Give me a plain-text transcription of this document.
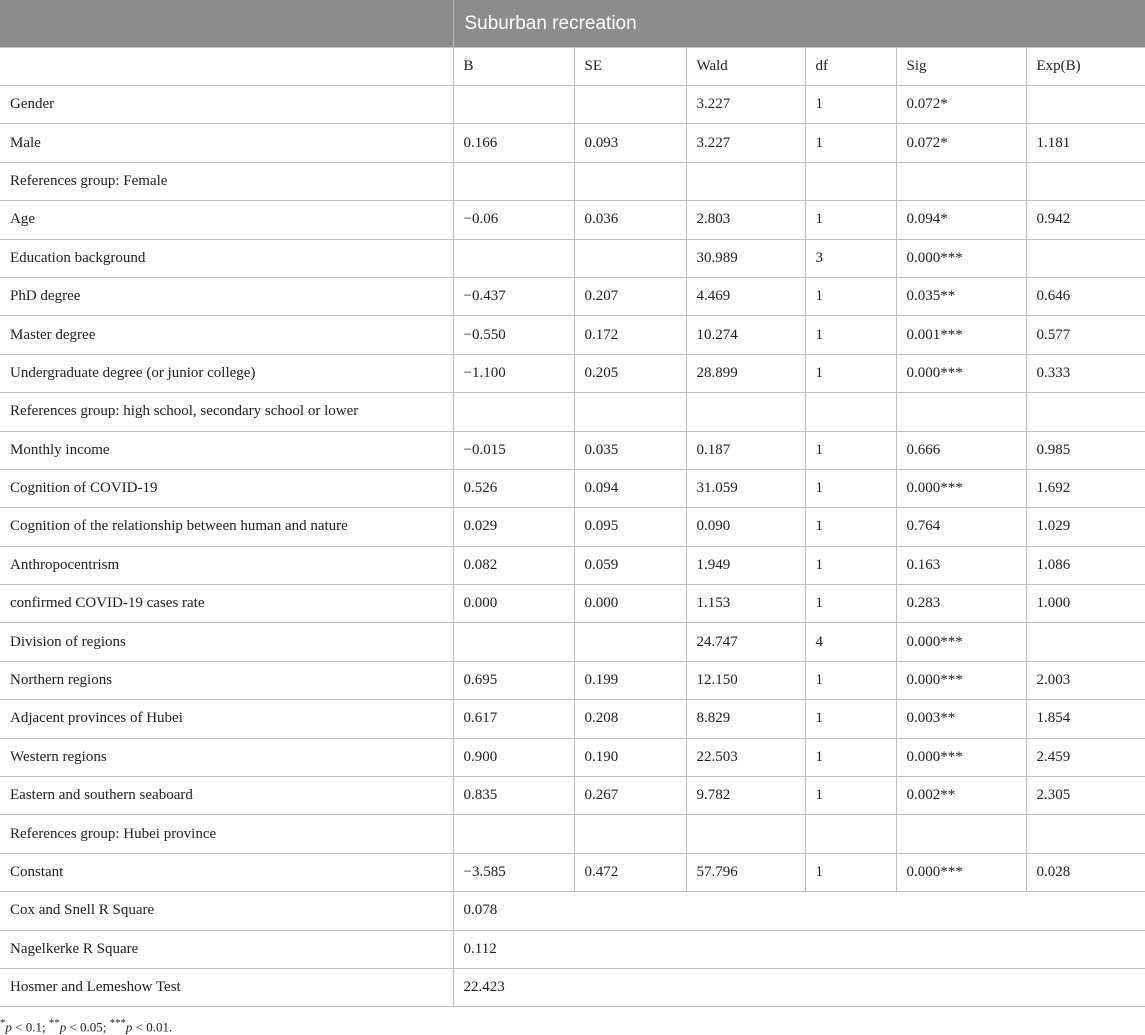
	Suburban recreation					
	B	SE	Wald	df	Sig	Exp(B)
Gender			3.227	1	0.072*	
Male	0.166	0.093	3.227	1	0.072*	1.181
References group: Female						
Age	−0.06	0.036	2.803	1	0.094*	0.942
Education background			30.989	3	0.000***	
PhD degree	−0.437	0.207	4.469	1	0.035**	0.646
Master degree	−0.550	0.172	10.274	1	0.001***	0.577
Undergraduate degree (or junior college)	−1.100	0.205	28.899	1	0.000***	0.333
References group: high school, secondary school or lower						
Monthly income	−0.015	0.035	0.187	1	0.666	0.985
Cognition of COVID-19	0.526	0.094	31.059	1	0.000***	1.692
Cognition of the relationship between human and nature	0.029	0.095	0.090	1	0.764	1.029
Anthropocentrism	0.082	0.059	1.949	1	0.163	1.086
confirmed COVID-19 cases rate	0.000	0.000	1.153	1	0.283	1.000
Division of regions			24.747	4	0.000***	
Northern regions	0.695	0.199	12.150	1	0.000***	2.003
Adjacent provinces of Hubei	0.617	0.208	8.829	1	0.003**	1.854
Western regions	0.900	0.190	22.503	1	0.000***	2.459
Eastern and southern seaboard	0.835	0.267	9.782	1	0.002**	2.305
References group: Hubei province						
Constant	−3.585	0.472	57.796	1	0.000***	0.028
Cox and Snell R Square	0.078					
Nagelkerke R Square	0.112					
Hosmer and Lemeshow Test	22.423					
*p < 0.1; **p < 0.05; ***p < 0.01.
